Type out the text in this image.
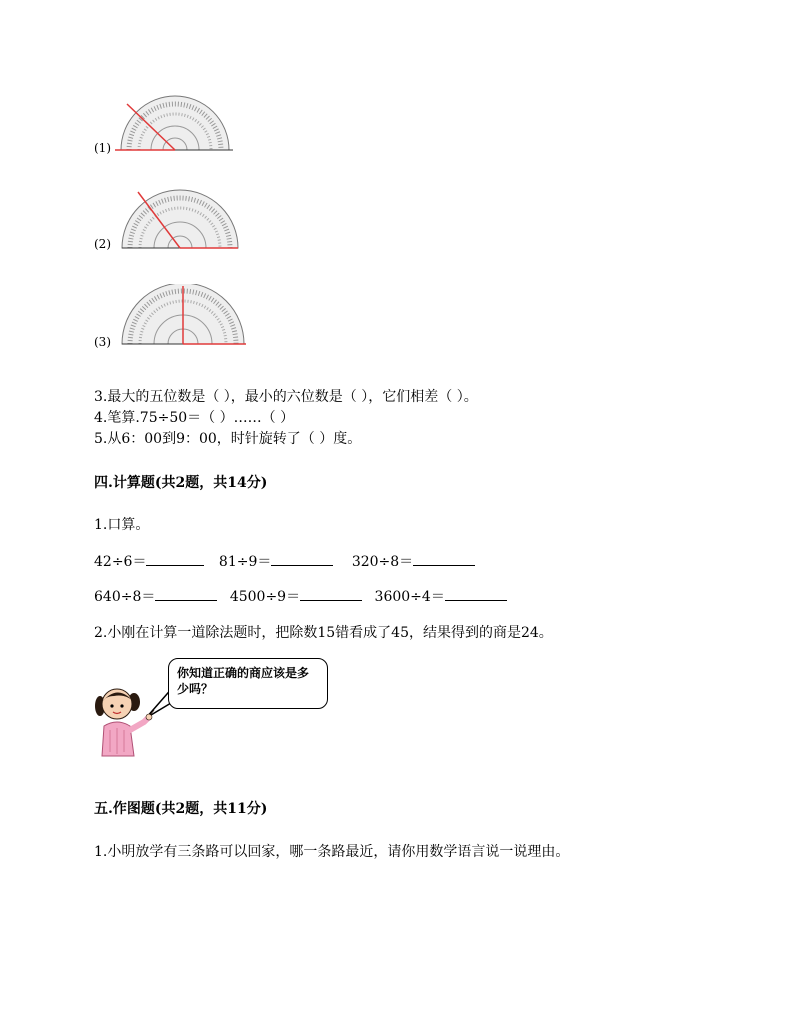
(1)
(2)
(3)
3.最大的五位数是（ ），最小的六位数是（ ），它们相差（ ）。
4.笔算.75÷50＝（ ）……（ ）
5.从6：00到9：00，时针旋转了（ ）度。
四.计算题(共2题，共14分)
1.口算。
42÷6＝	81÷9＝	320÷8＝
640÷8＝	4500÷9＝	3600÷4＝
2.小刚在计算一道除法题时，把除数15错看成了45，结果得到的商是24。
你知道正确的商应该是多少吗？
五.作图题(共2题，共11分)
1.小明放学有三条路可以回家，哪一条路最近，请你用数学语言说一说理由。
